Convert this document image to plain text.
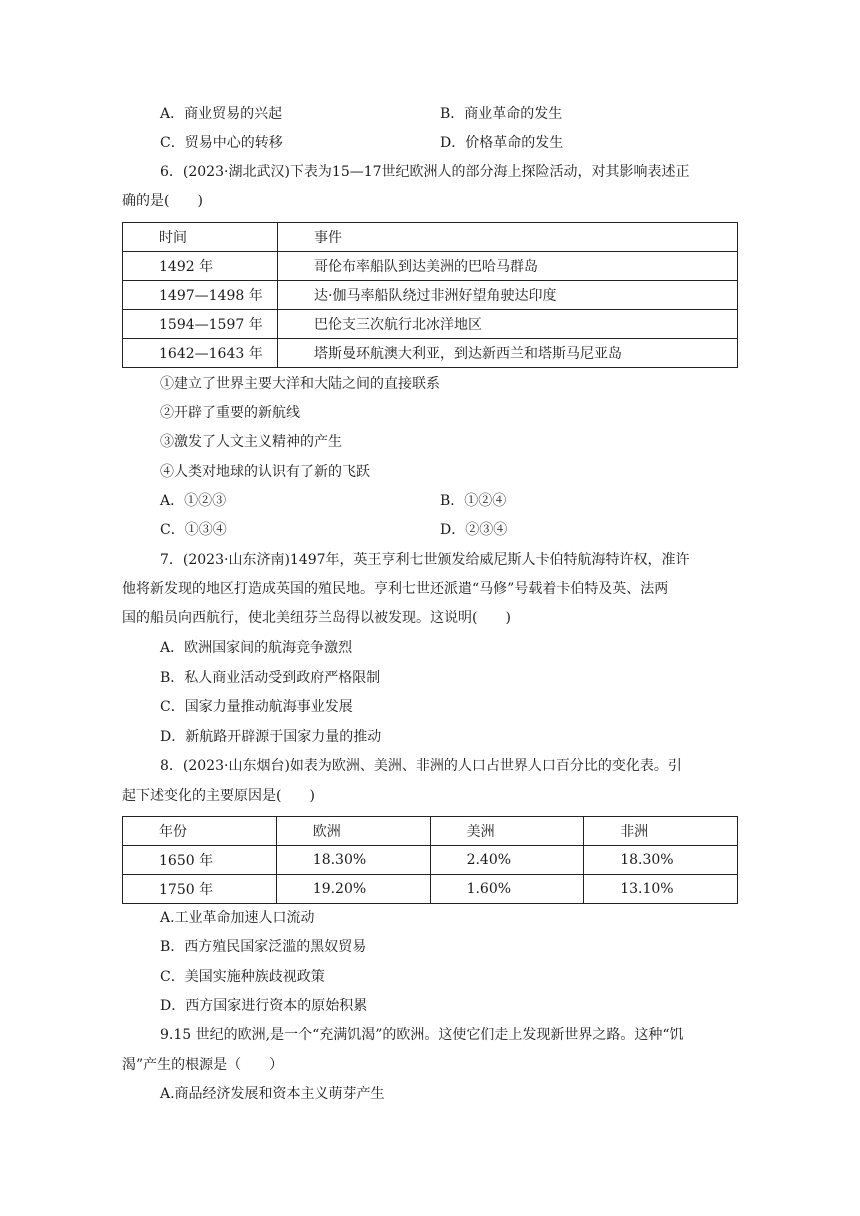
A．商业贸易的兴起	B．商业革命的发生
C．贸易中心的转移	D．价格革命的发生
6．(2023·湖北武汉)下表为15—17世纪欧洲人的部分海上探险活动，对其影响表述正
确的是(　　)
时间	事件
1492 年	哥伦布率船队到达美洲的巴哈马群岛
1497—1498 年	达·伽马率船队绕过非洲好望角驶达印度
1594—1597 年	巴伦支三次航行北冰洋地区
1642—1643 年	塔斯曼环航澳大利亚，到达新西兰和塔斯马尼亚岛
①建立了世界主要大洋和大陆之间的直接联系
②开辟了重要的新航线
③激发了人文主义精神的产生
④人类对地球的认识有了新的飞跃
A．①②③	B．①②④
C．①③④	D．②③④
7．(2023·山东济南)1497年，英王亨利七世颁发给威尼斯人卡伯特航海特许权，准许
他将新发现的地区打造成英国的殖民地。亨利七世还派遣“马修”号载着卡伯特及英、法两
国的船员向西航行，使北美纽芬兰岛得以被发现。这说明(　　)
A．欧洲国家间的航海竞争激烈
B．私人商业活动受到政府严格限制
C．国家力量推动航海事业发展
D．新航路开辟源于国家力量的推动
8．(2023·山东烟台)如表为欧洲、美洲、非洲的人口占世界人口百分比的变化表。引
起下述变化的主要原因是(　　)
年份	欧洲	美洲	非洲
1650 年	18.30%	2.40%	18.30%
1750 年	19.20%	1.60%	13.10%
A.工业革命加速人口流动
B．西方殖民国家泛滥的黑奴贸易
C．美国实施种族歧视政策
D．西方国家进行资本的原始积累
9.15 世纪的欧洲,是一个“充满饥渴”的欧洲。这使它们走上发现新世界之路。这种“饥
渴”产生的根源是（　　）
A.商品经济发展和资本主义萌芽产生
